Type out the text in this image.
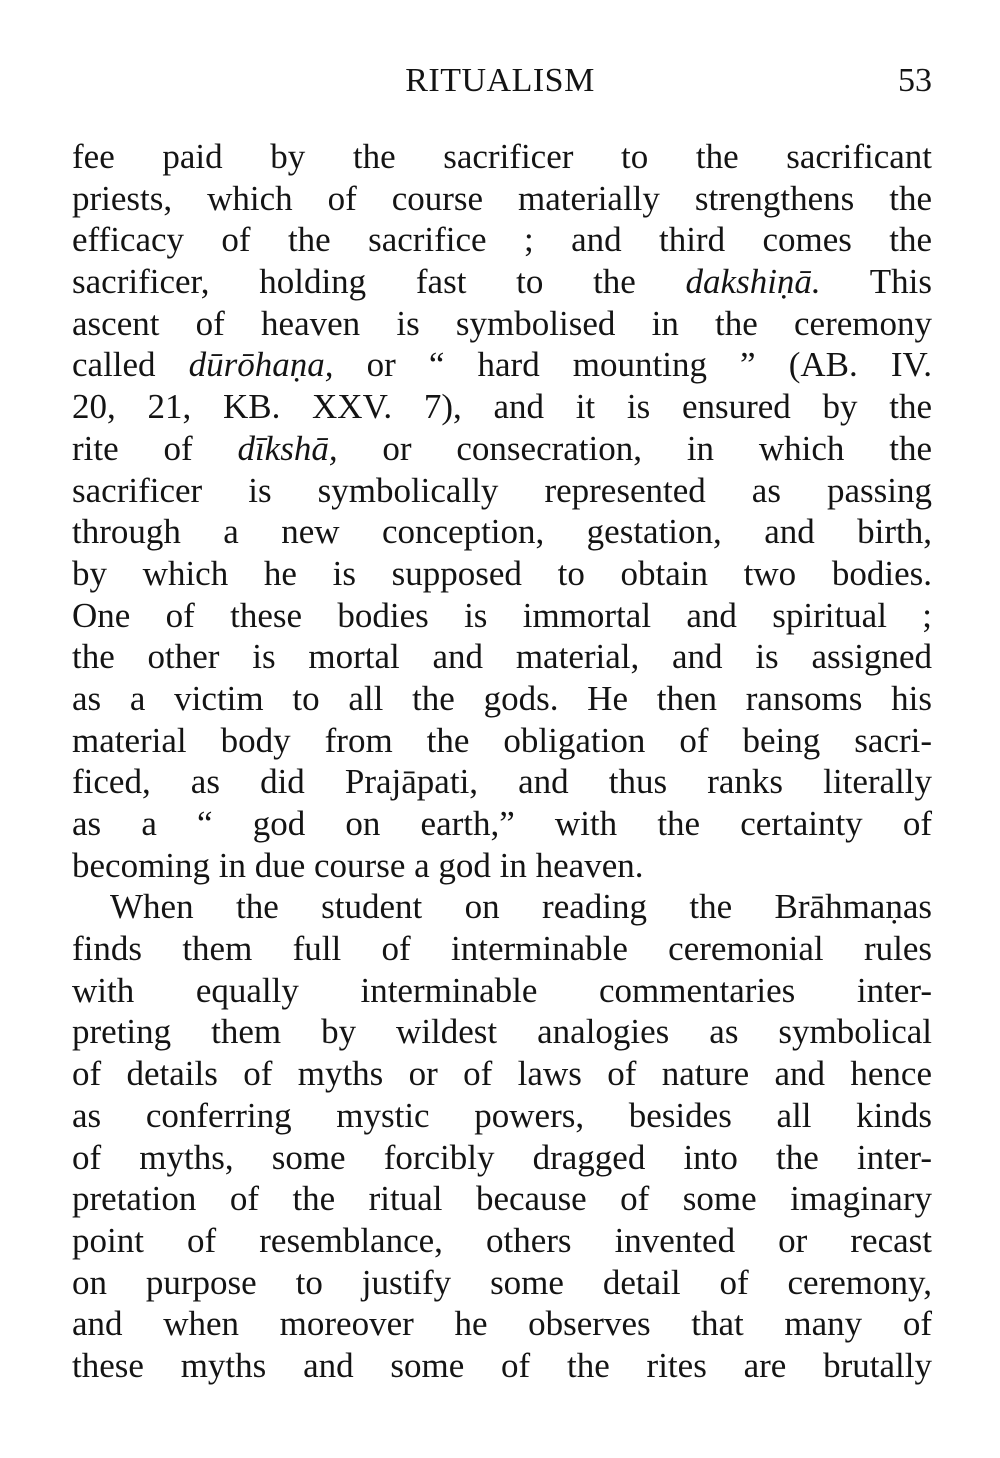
RITUALISM	53
fee paid by the sacrificer to the sacrificant
priests, which of course materially strengthens the
efficacy of the sacrifice ; and third comes the
sacrificer, holding fast to the dakshiṇā. This
ascent of heaven is symbolised in the ceremony
called dūrōhaṇa, or “ hard mounting ” (AB. IV.
20, 21, KB. XXV. 7), and it is ensured by the
rite of dīkshā, or consecration, in which the
sacrificer is symbolically represented as passing
through a new conception, gestation, and birth,
by which he is supposed to obtain two bodies.
One of these bodies is immortal and spiritual ;
the other is mortal and material, and is assigned
as a victim to all the gods. He then ransoms his
material body from the obligation of being sacri-
ficed, as did Prajāpati, and thus ranks literally
as a “ god on earth,” with the certainty of
becoming in due course a god in heaven.
When the student on reading the Brāhmaṇas
finds them full of interminable ceremonial rules
with equally interminable commentaries inter-
preting them by wildest analogies as symbolical
of details of myths or of laws of nature and hence
as conferring mystic powers, besides all kinds
of myths, some forcibly dragged into the inter-
pretation of the ritual because of some imaginary
point of resemblance, others invented or recast
on purpose to justify some detail of ceremony,
and when moreover he observes that many of
these myths and some of the rites are brutally
